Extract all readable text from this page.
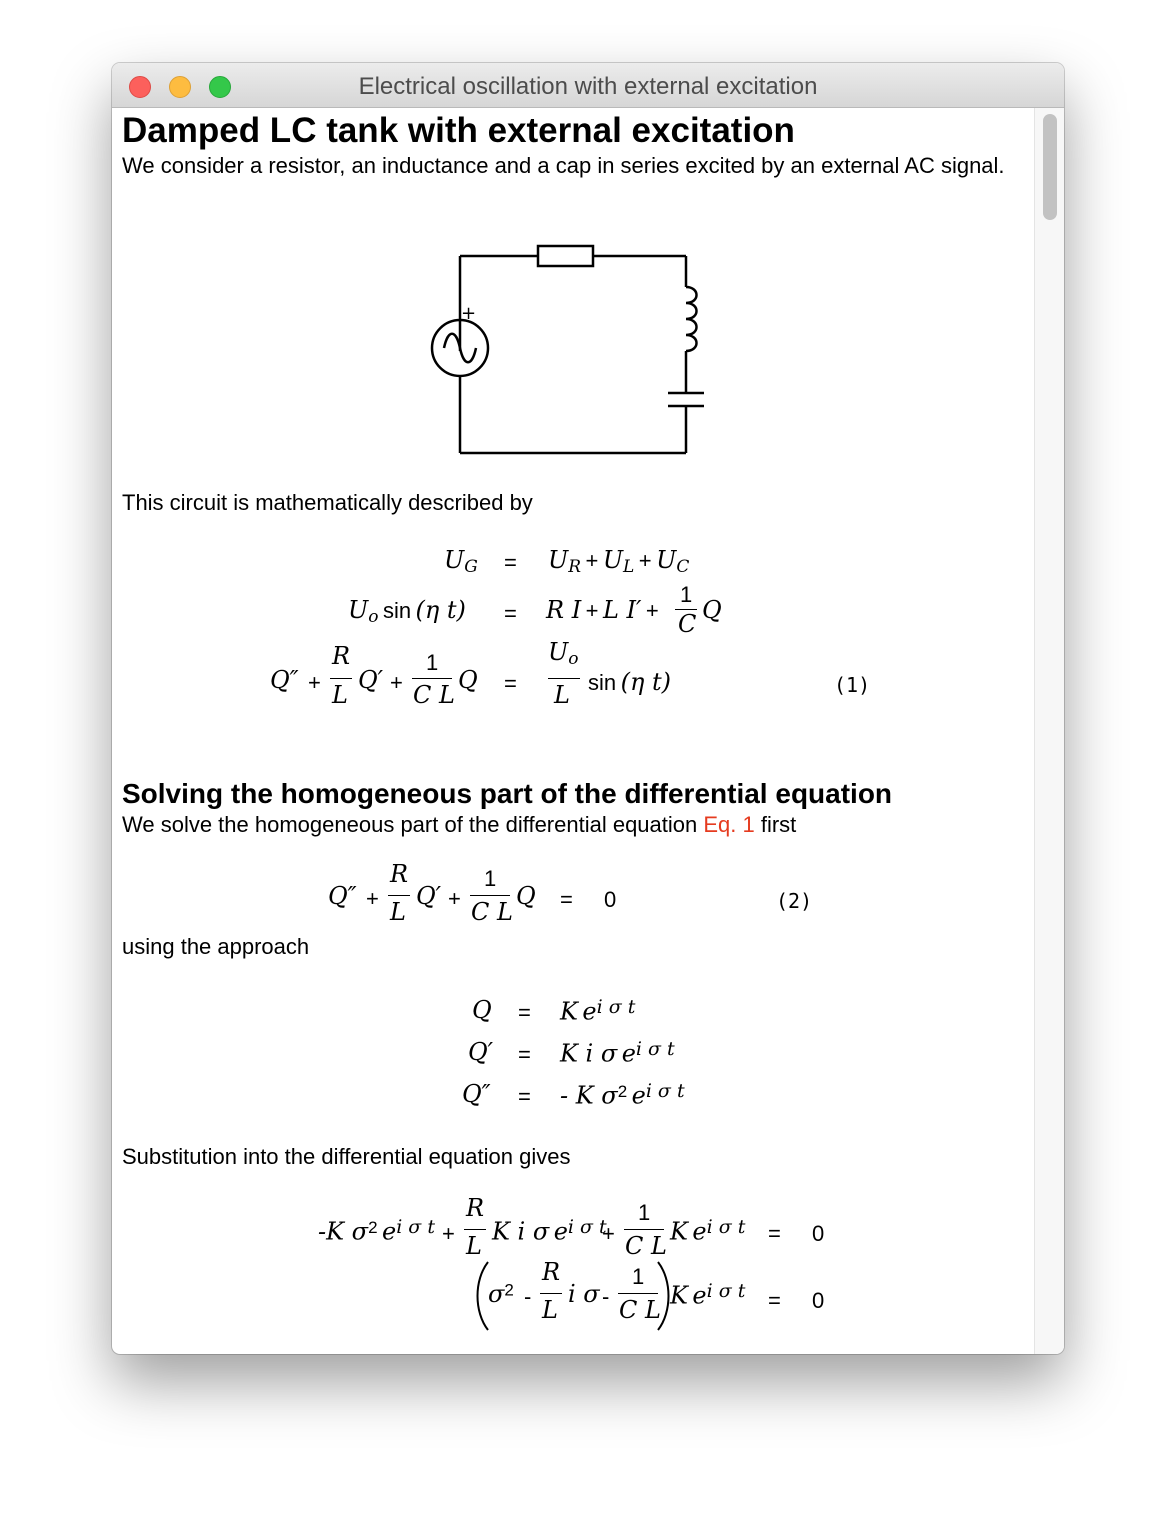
Electrical oscillation with external excitation
Damped LC tank with external excitation
We consider a resistor, an inductance and a cap in series excited by an external AC signal.
+
This circuit is mathematically described by
$U_G = U_R + U_L + U_C$
$U_o$ sin (η t) = R I + L I′ +
1
C Q
Q″ +
R
L
Q′ +
1
C L
Q =
$U_o$
L sin (η t)	(1)
Solving the homogeneous part of the differential equation
We solve the homogeneous part of the differential equation Eq. 1 first
Q″ +
R
L
Q′ +
1
C L
Q = 0	(2)
using the approach
Q = K $e^{i \sigma t}$
Q′ = K i σ $e^{i \sigma t}$
Q″ = - K $\sigma^2$ $e^{i \sigma t}$
Substitution into the differential equation gives
-K $\sigma^2$ $e^{i \sigma t}$ +
R
L
K i σ $e^{i \sigma t}$
+
1
C L
K $e^{i \sigma t} = 0$
$\sigma^2$ -
R
L
i σ -
1
C L
K $e^{i \sigma t} = 0$
